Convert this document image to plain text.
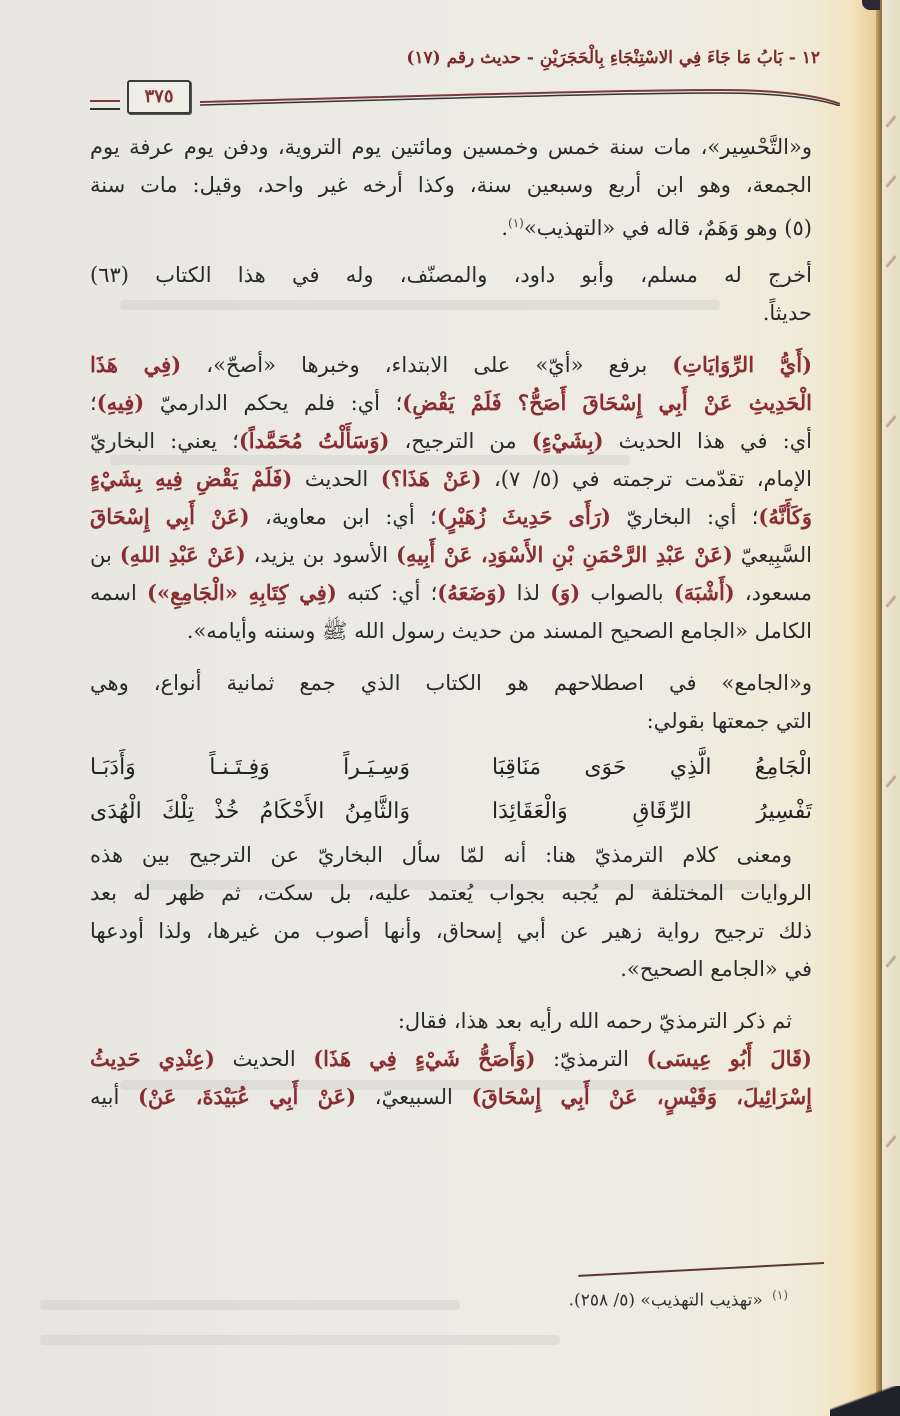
١٢ - بَابُ مَا جَاءَ فِي الاسْتِنْجَاءِ بِالْحَجَرَيْنِ - حديث رقم (١٧)
٣٧٥
و«التَّحْسِير»، مات سنة خمس وخمسين ومائتين يوم التروية، ودفن يوم عرفة يوم
الجمعة، وهو ابن أربع وسبعين سنة، وكذا أرخه غير واحد، وقيل: مات سنة
(٥) وهو وَهَمٌ، قاله في «التهذيب»$^{(١)}$.
أخرج له مسلم، وأبو داود، والمصنّف، وله في هذا الكتاب (٦٣)
حديثاً.
(أَيُّ الرِّوَايَاتِ) برفع «أيّ» على الابتداء، وخبرها «أصحّ»، (فِي هَذَا
الْحَدِيثِ عَنْ أَبِي إِسْحَاقَ أَصَحُّ؟ فَلَمْ يَقْضِ)؛ أي: فلم يحكم الدارميّ (فِيهِ)؛
أي: في هذا الحديث (بِشَيْءٍ) من الترجيح، (وَسَأَلْتُ مُحَمَّداً)؛ يعني: البخاريّ
الإمام، تقدّمت ترجمته في (٥/ ٧)، (عَنْ هَذَا؟) الحديث (فَلَمْ يَقْضِ فِيهِ بِشَيْءٍ
وَكَأَنَّهُ)؛ أي: البخاريّ (رَأَى حَدِيثَ زُهَيْرٍ)؛ أي: ابن معاوية، (عَنْ أَبِي إِسْحَاقَ
السَّبِيعيّ (عَنْ عَبْدِ الرَّحْمَنِ بْنِ الأَسْوَدِ، عَنْ أَبِيهِ) الأسود بن يزيد، (عَنْ عَبْدِ اللهِ) بن
مسعود، (أَشْبَهَ) بالصواب (وَ) لذا (وَضَعَهُ)؛ أي: كتبه (فِي كِتَابِهِ «الْجَامِعِ») اسمه
الكامل «الجامع الصحيح المسند من حديث رسول الله ﷺ وسننه وأيامه».
و«الجامع» في اصطلاحهم هو الكتاب الذي جمع ثمانية أنواع، وهي
التي جمعتها بقولي:
الْجَامِعُ الَّذِي حَوَى مَنَاقِبَا
وَسِـيَـراً وَفِـتَـنـاً وَأَدَبَـا
تَفْسِيرُ الرِّقَاقِ وَالْعَقَائِدَا
وَالثَّامِنُ الأَحْكَامُ خُذْ تِلْكَ الْهُدَى
ومعنى كلام الترمذيّ هنا: أنه لمّا سأل البخاريّ عن الترجيح بين هذه
الروايات المختلفة لم يُجبه بجواب يُعتمد عليه، بل سكت، ثم ظهر له بعد
ذلك ترجيح رواية زهير عن أبي إسحاق، وأنها أصوب من غيرها، ولذا أودعها
في «الجامع الصحيح».
ثم ذكر الترمذيّ رحمه الله رأيه بعد هذا، فقال:
(قَالَ أَبُو عِيسَى) الترمذيّ: (وَأَصَحُّ شَيْءٍ فِي هَذَا) الحديث (عِنْدِي حَدِيثُ
إِسْرَائِيلَ، وَقَيْسٍ، عَنْ أَبِي إِسْحَاقَ) السبيعيّ، (عَنْ أَبِي عُبَيْدَةَ، عَنْ) أبيه
$^{(١)}$ «تهذيب التهذيب» (٥/ ٢٥٨).
